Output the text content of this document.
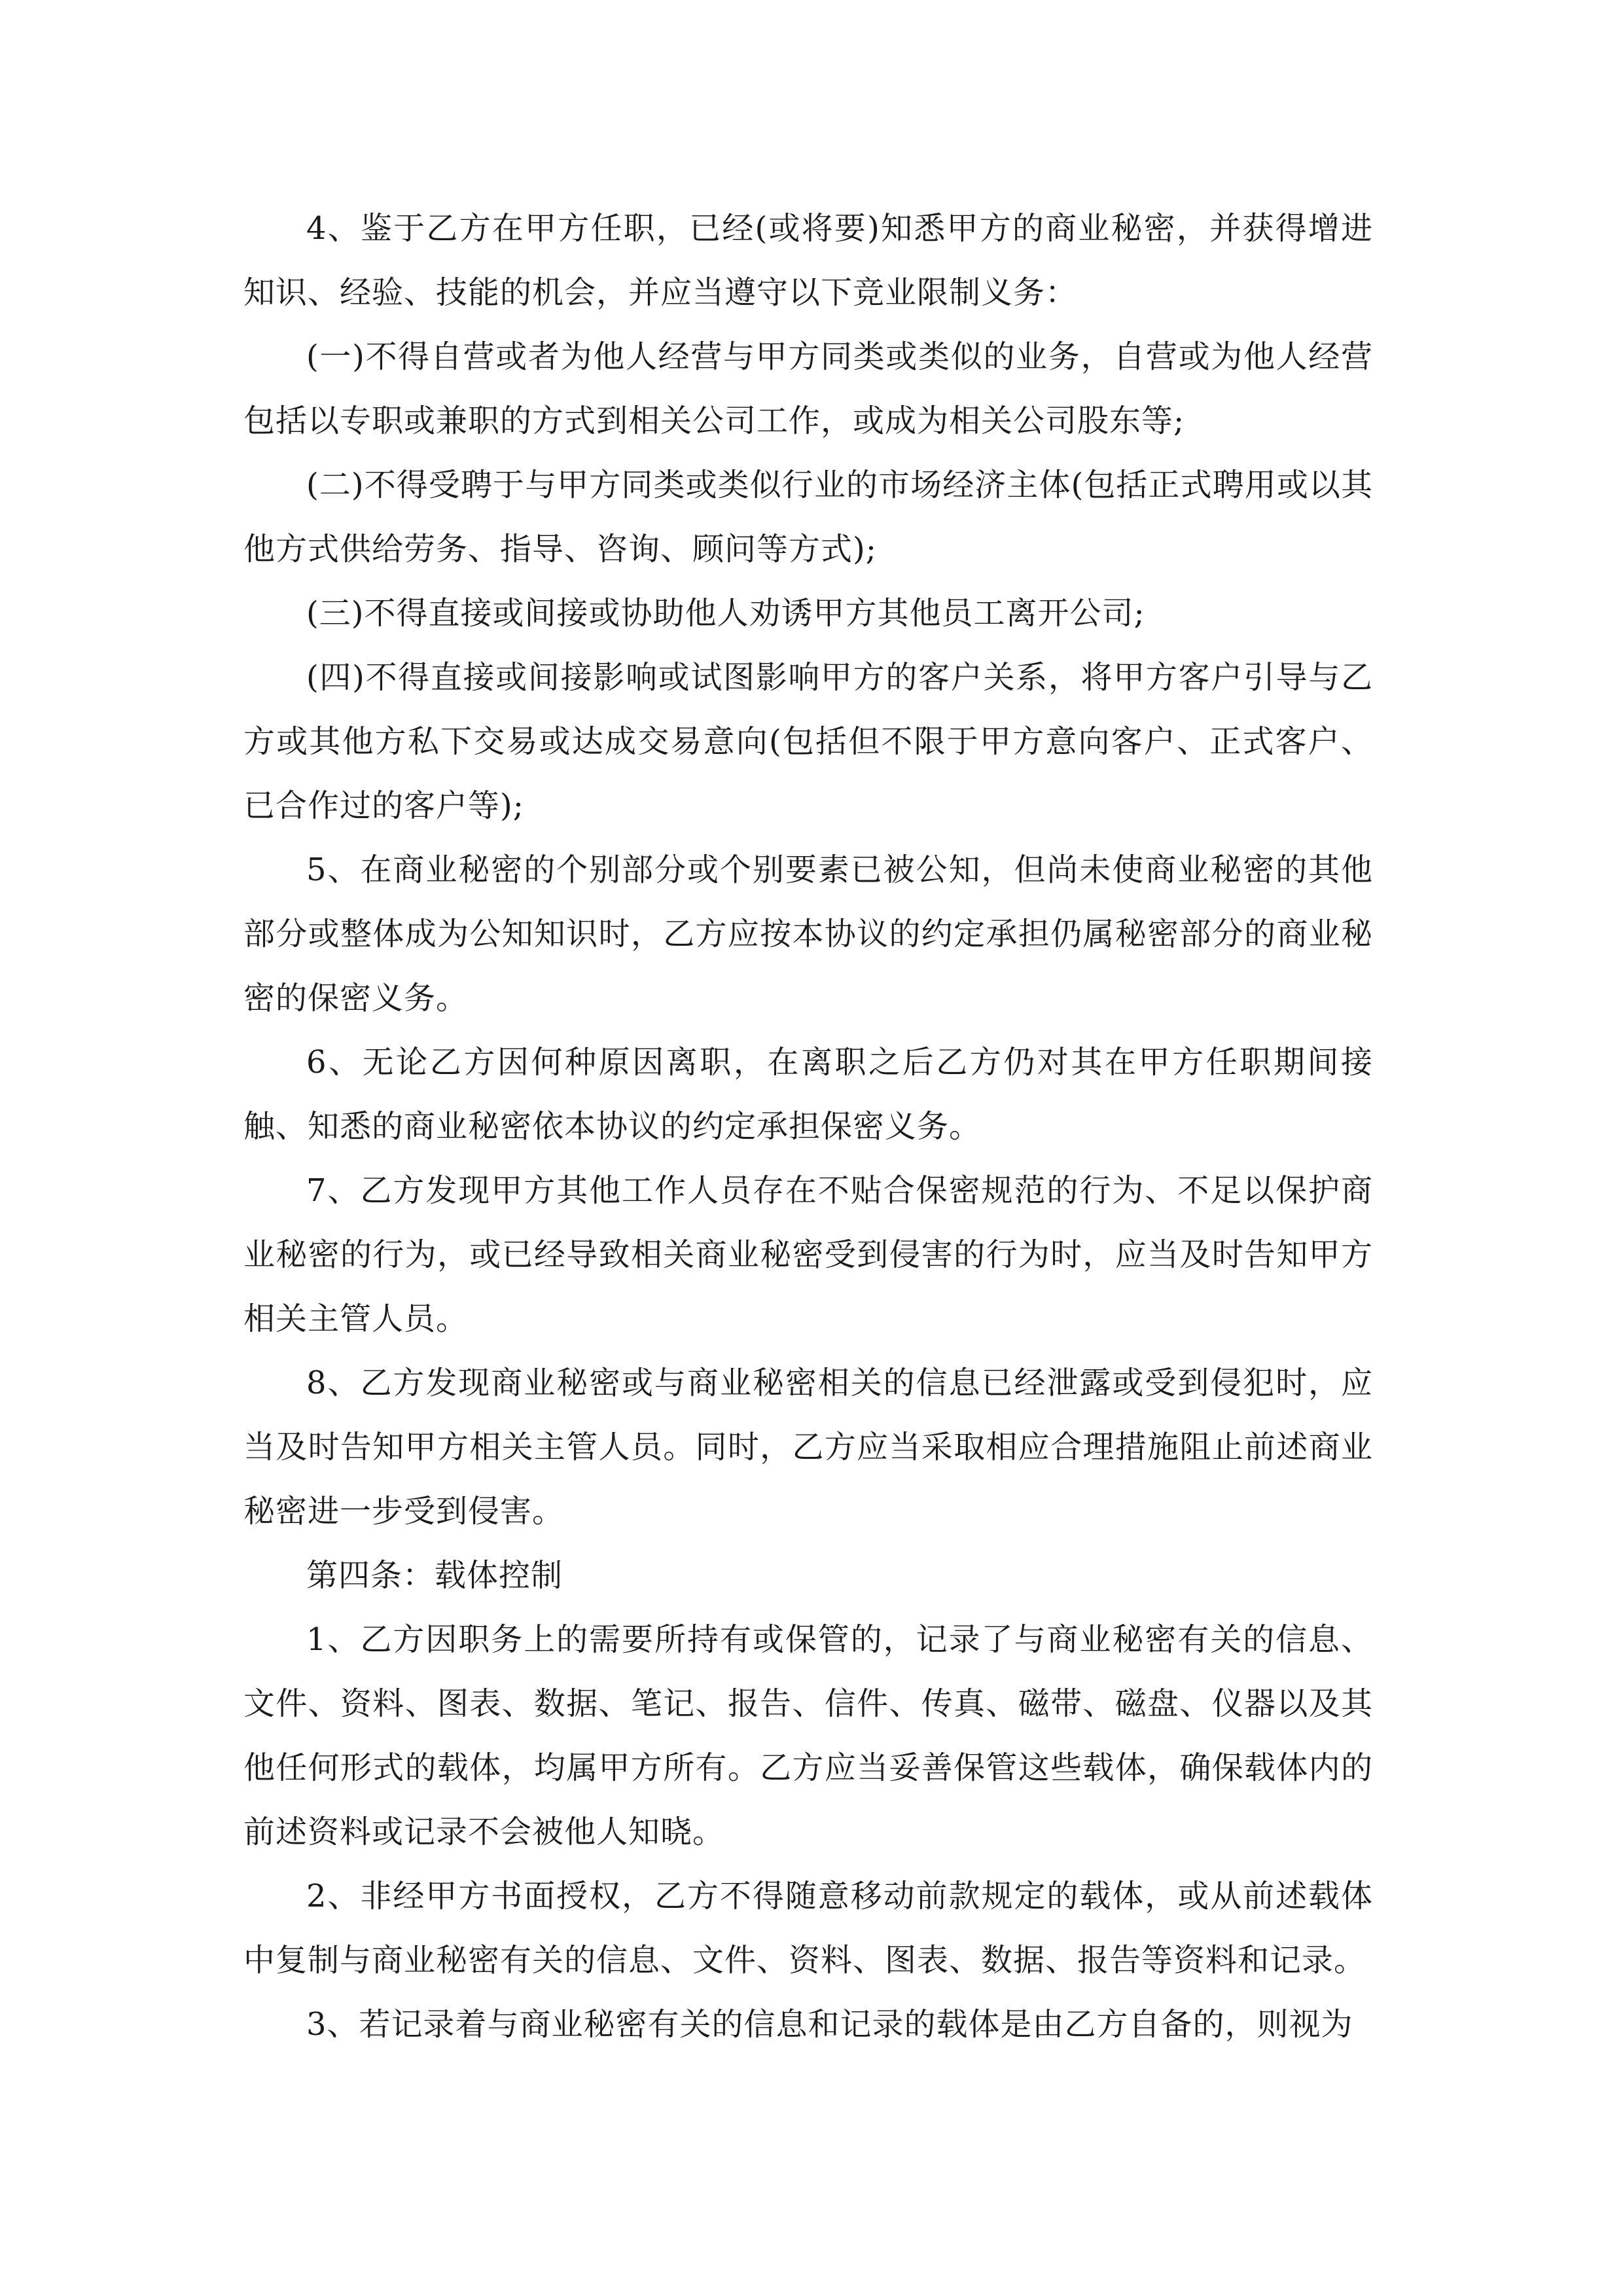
4、鉴于乙方在甲方任职，已经(或将要)知悉甲方的商业秘密，并获得增进知识、经验、技能的机会，并应当遵守以下竞业限制义务：

(一)不得自营或者为他人经营与甲方同类或类似的业务，自营或为他人经营包括以专职或兼职的方式到相关公司工作，或成为相关公司股东等;

(二)不得受聘于与甲方同类或类似行业的市场经济主体(包括正式聘用或以其他方式供给劳务、指导、咨询、顾问等方式);

(三)不得直接或间接或协助他人劝诱甲方其他员工离开公司;

(四)不得直接或间接影响或试图影响甲方的客户关系，将甲方客户引导与乙方或其他方私下交易或达成交易意向(包括但不限于甲方意向客户、正式客户、已合作过的客户等);

5、在商业秘密的个别部分或个别要素已被公知，但尚未使商业秘密的其他部分或整体成为公知知识时，乙方应按本协议的约定承担仍属秘密部分的商业秘密的保密义务。

6、无论乙方因何种原因离职，在离职之后乙方仍对其在甲方任职期间接触、知悉的商业秘密依本协议的约定承担保密义务。

7、乙方发现甲方其他工作人员存在不贴合保密规范的行为、不足以保护商业秘密的行为，或已经导致相关商业秘密受到侵害的行为时，应当及时告知甲方相关主管人员。

8、乙方发现商业秘密或与商业秘密相关的信息已经泄露或受到侵犯时，应当及时告知甲方相关主管人员。同时，乙方应当采取相应合理措施阻止前述商业秘密进一步受到侵害。

第四条：载体控制

1、乙方因职务上的需要所持有或保管的，记录了与商业秘密有关的信息、文件、资料、图表、数据、笔记、报告、信件、传真、磁带、磁盘、仪器以及其他任何形式的载体，均属甲方所有。乙方应当妥善保管这些载体，确保载体内的前述资料或记录不会被他人知晓。

2、非经甲方书面授权，乙方不得随意移动前款规定的载体，或从前述载体中复制与商业秘密有关的信息、文件、资料、图表、数据、报告等资料和记录。

3、若记录着与商业秘密有关的信息和记录的载体是由乙方自备的，则视为
